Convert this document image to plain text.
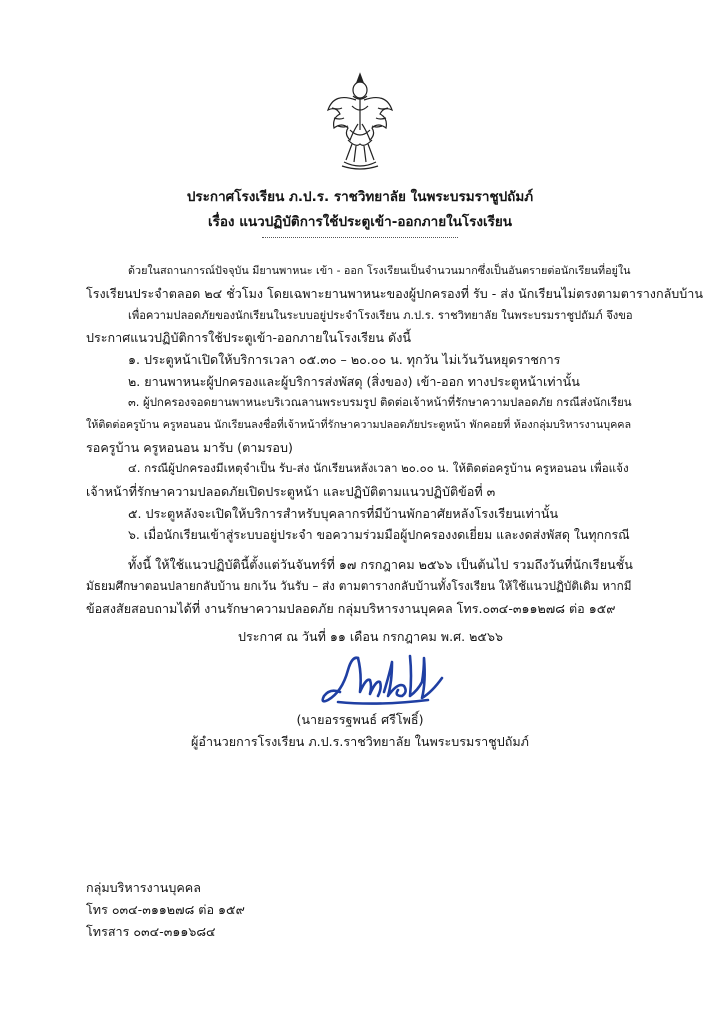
ประกาศโรงเรียน ภ.ป.ร. ราชวิทยาลัย ในพระบรมราชูปถัมภ์
เรื่อง แนวปฏิบัติการใช้ประตูเข้า-ออกภายในโรงเรียน
ด้วยในสถานการณ์ปัจจุบัน มียานพาหนะ เข้า - ออก โรงเรียนเป็นจำนวนมากซึ่งเป็นอันตรายต่อนักเรียนที่อยู่ใน
โรงเรียนประจำตลอด ๒๔ ชั่วโมง โดยเฉพาะยานพาหนะของผู้ปกครองที่ รับ - ส่ง นักเรียนไม่ตรงตามตารางกลับบ้าน
เพื่อความปลอดภัยของนักเรียนในระบบอยู่ประจำโรงเรียน ภ.ป.ร. ราชวิทยาลัย ในพระบรมราชูปถัมภ์ จึงขอ
ประกาศแนวปฏิบัติการใช้ประตูเข้า-ออกภายในโรงเรียน ดังนี้
๑. ประตูหน้าเปิดให้บริการเวลา ๐๕.๓๐ – ๒๐.๐๐ น. ทุกวัน ไม่เว้นวันหยุดราชการ
๒. ยานพาหนะผู้ปกครองและผู้บริการส่งพัสดุ (สิ่งของ) เข้า-ออก ทางประตูหน้าเท่านั้น
๓. ผู้ปกครองจอดยานพาหนะบริเวณลานพระบรมรูป ติดต่อเจ้าหน้าที่รักษาความปลอดภัย กรณีส่งนักเรียน
ให้ติดต่อครูบ้าน ครูหอนอน นักเรียนลงชื่อที่เจ้าหน้าที่รักษาความปลอดภัยประตูหน้า พักคอยที่ ห้องกลุ่มบริหารงานบุคคล
รอครูบ้าน ครูหอนอน มารับ (ตามรอบ)
๔. กรณีผู้ปกครองมีเหตุจำเป็น รับ-ส่ง นักเรียนหลังเวลา ๒๐.๐๐ น. ให้ติดต่อครูบ้าน ครูหอนอน เพื่อแจ้ง
เจ้าหน้าที่รักษาความปลอดภัยเปิดประตูหน้า และปฏิบัติตามแนวปฏิบัติข้อที่ ๓
๕. ประตูหลังจะเปิดให้บริการสำหรับบุคลากรที่มีบ้านพักอาศัยหลังโรงเรียนเท่านั้น
๖. เมื่อนักเรียนเข้าสู่ระบบอยู่ประจำ ขอความร่วมมือผู้ปกครองงดเยี่ยม และงดส่งพัสดุ ในทุกกรณี
ทั้งนี้ ให้ใช้แนวปฏิบัตินี้ตั้งแต่วันจันทร์ที่ ๑๗ กรกฎาคม ๒๕๖๖ เป็นต้นไป รวมถึงวันที่นักเรียนชั้น
มัธยมศึกษาตอนปลายกลับบ้าน ยกเว้น วันรับ – ส่ง ตามตารางกลับบ้านทั้งโรงเรียน ให้ใช้แนวปฏิบัติเดิม หากมี
ข้อสงสัยสอบถามได้ที่ งานรักษาความปลอดภัย กลุ่มบริหารงานบุคคล โทร.๐๓๔-๓๑๑๒๗๘ ต่อ ๑๕๙
ประกาศ ณ วันที่ ๑๑ เดือน กรกฎาคม พ.ศ. ๒๕๖๖
(นายอรรฐพนธ์ ศรีโพธิ์)
ผู้อำนวยการโรงเรียน ภ.ป.ร.ราชวิทยาลัย ในพระบรมราชูปถัมภ์
กลุ่มบริหารงานบุคคล
โทร ๐๓๔-๓๑๑๒๗๘ ต่อ ๑๕๙
โทรสาร ๐๓๔-๓๑๑๖๘๔
